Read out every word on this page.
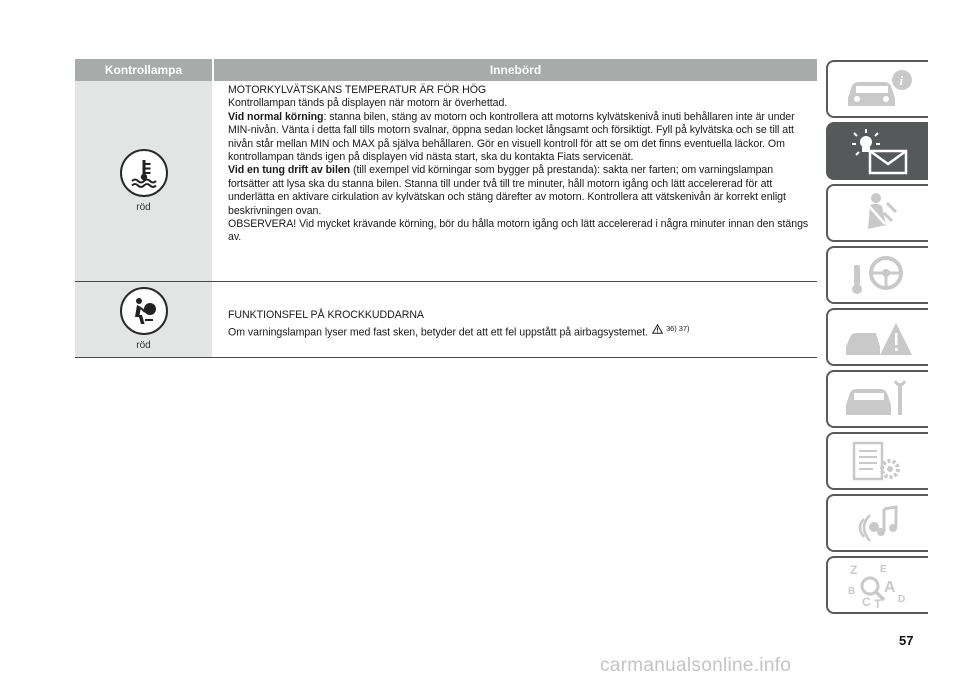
Kontrollampa	Innebörd
röd

MOTORKYLVÄTSKANS TEMPERATUR ÄR FÖR HÖG

Kontrollampan tänds på displayen när motorn är överhettad.

Vid normal körning: stanna bilen, stäng av motorn och kontrollera att motorns kylvätskenivå inuti behållaren inte är under MIN-nivån. Vänta i detta fall tills motorn svalnar, öppna sedan locket långsamt och försiktigt. Fyll på kylvätska och se till att nivån står mellan MIN och MAX på själva behållaren. Gör en visuell kontroll för att se om det finns eventuella läckor. Om kontrollampan tänds igen på displayen vid nästa start, ska du kontakta Fiats servicenät.

Vid en tung drift av bilen (till exempel vid körningar som bygger på prestanda): sakta ner farten; om varningslampan fortsätter att lysa ska du stanna bilen. Stanna till under två till tre minuter, håll motorn igång och lätt accelererad för att underlätta en aktivare cirkulation av kylvätskan och stäng därefter av motorn. Kontrollera att vätskenivån är korrekt enligt beskrivningen ovan.

OBSERVERA! Vid mycket krävande körning, bör du hålla motorn igång och lätt accelererad i några minuter innan den stängs av.

röd

FUNKTIONSFEL PÅ KROCKKUDDARNA

Om varningslampan lyser med fast sken, betyder det att ett fel uppstått på airbagsystemet. 36) 37)

i
Z E
B A
C T D
57
carmanualsonline.info
